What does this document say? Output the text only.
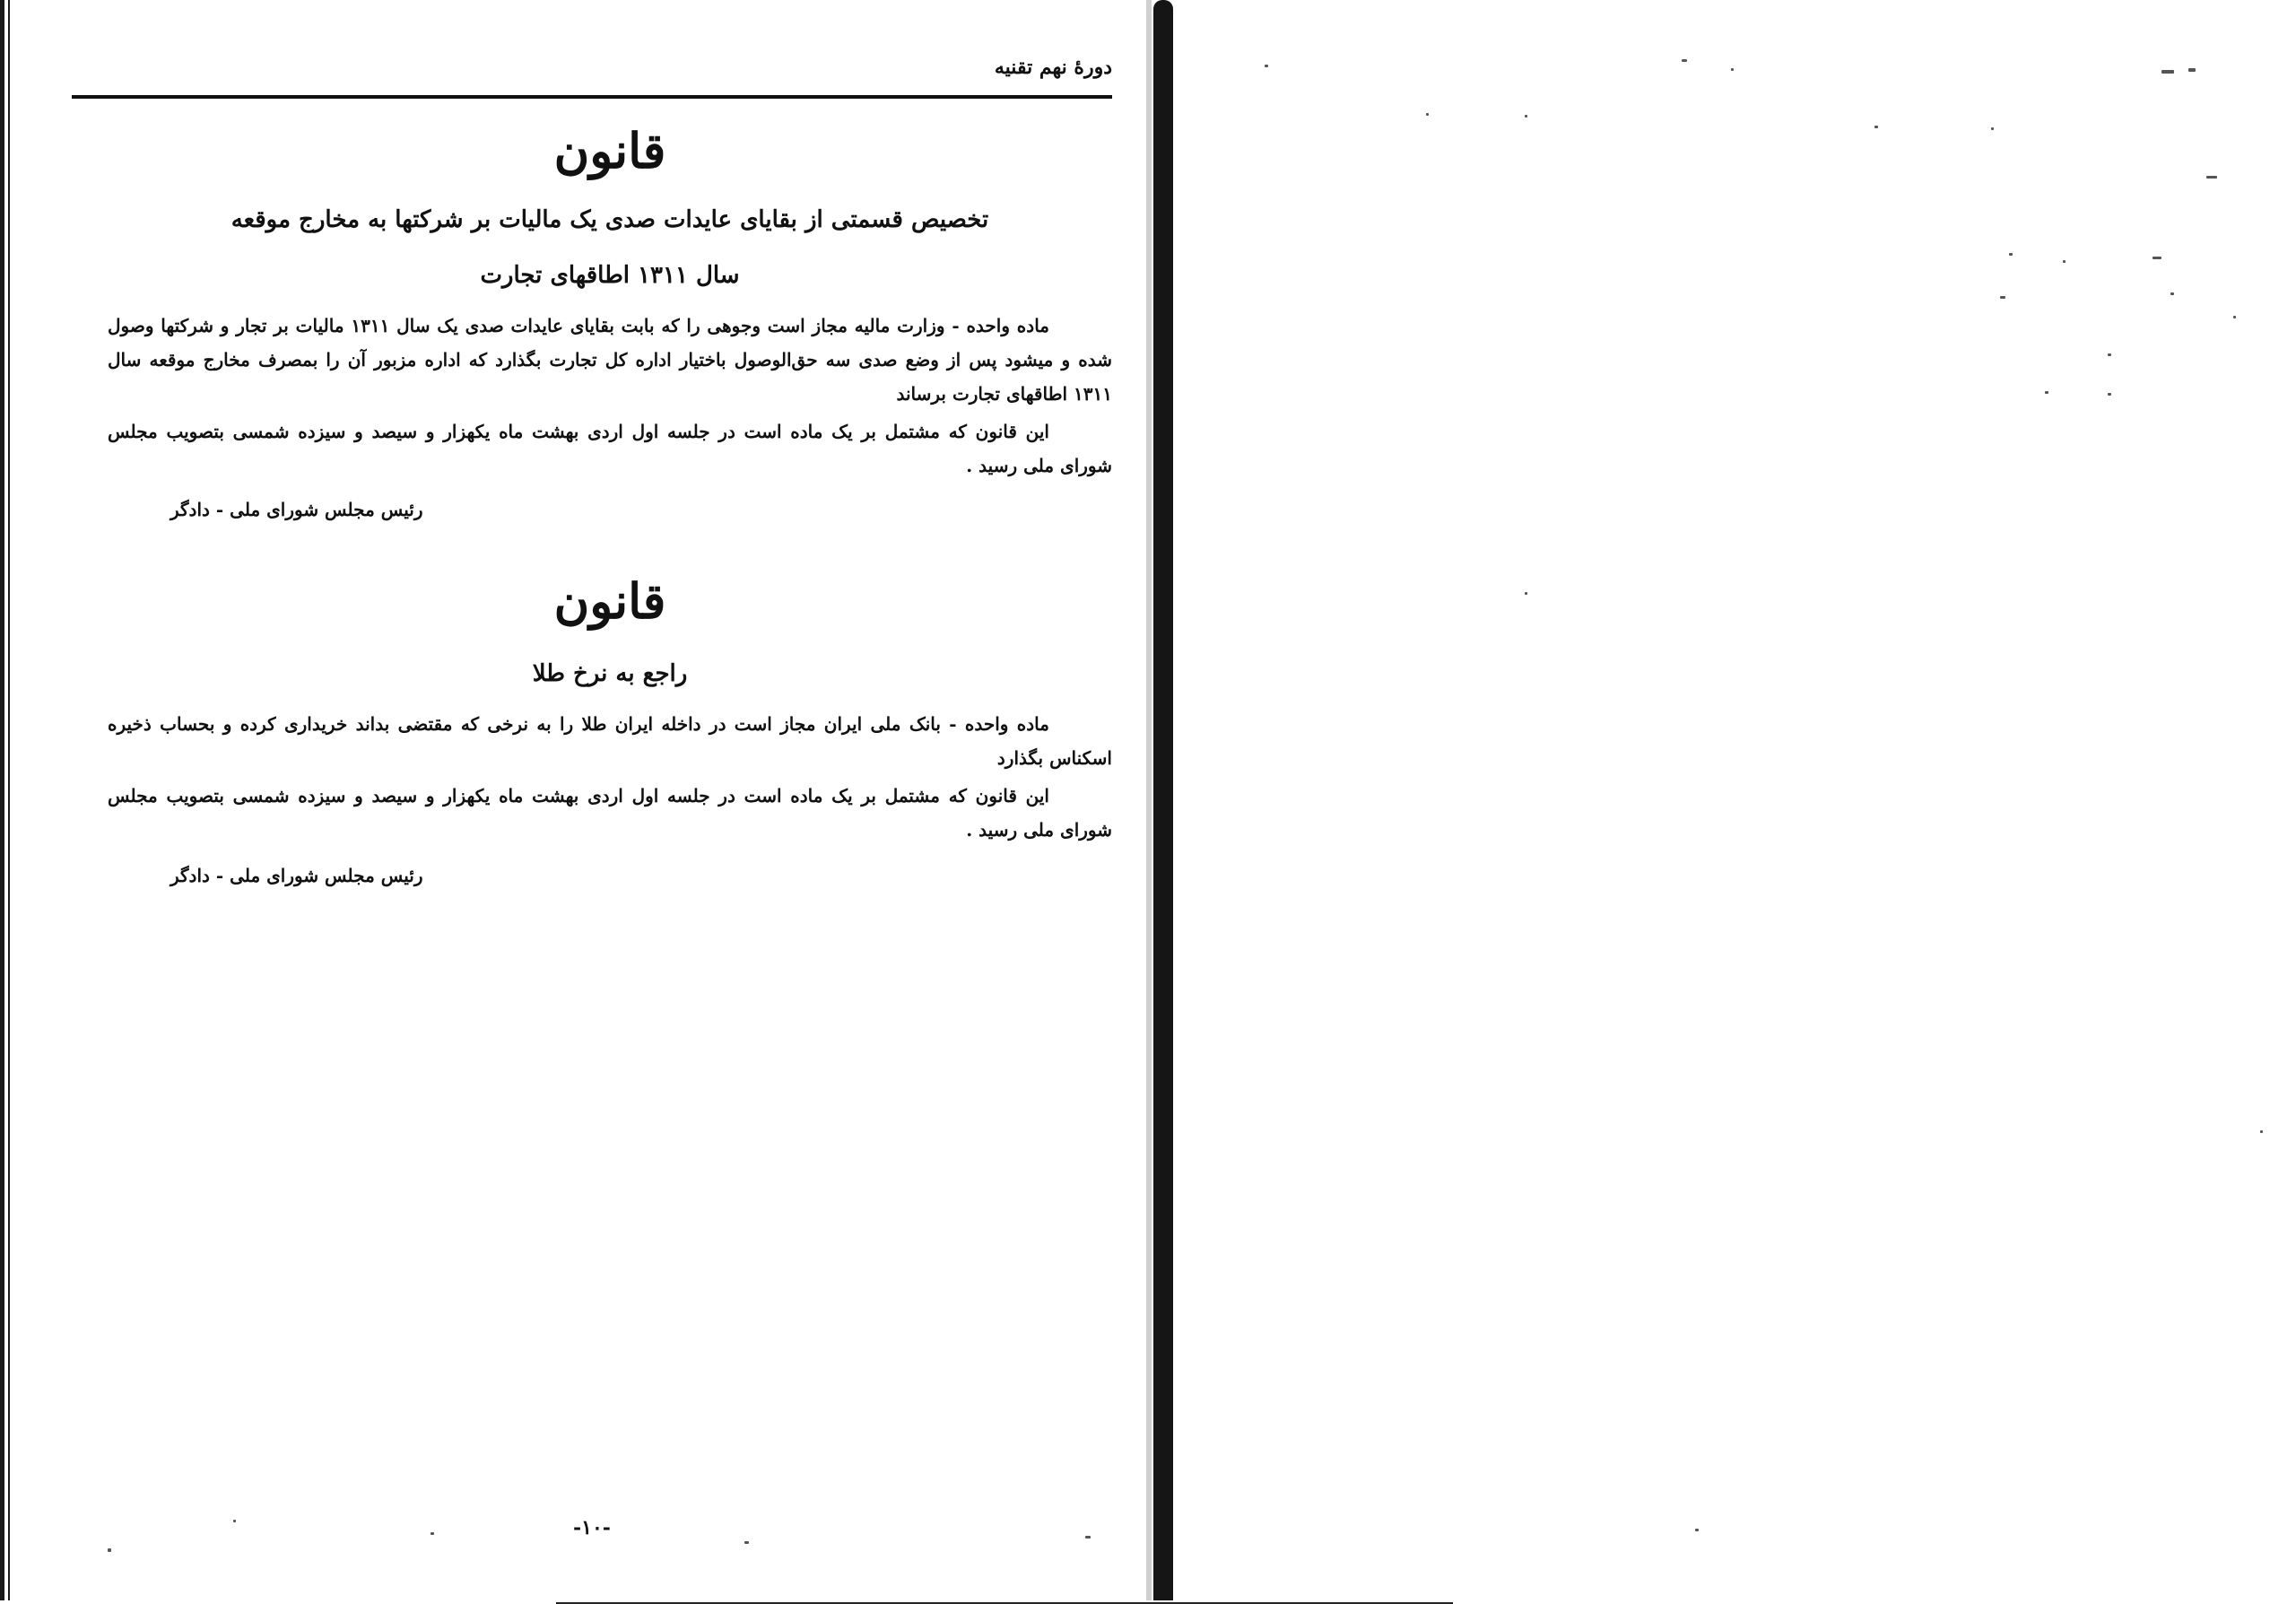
دورهٔ نهم تقنیه

قانون

تخصیص قسمتی از بقایای عایدات صدی یک مالیات بر شرکتها به مخارج موقعه

سال ۱۳۱۱ اطاقهای تجارت

ماده واحده - وزارت مالیه مجاز است وجوهی را که بابت بقایای عایدات صدی یک سال ۱۳۱۱ مالیات بر تجار و شرکتها وصول شده و میشود پس از وضع صدی سه حق‌الوصول باختیار اداره کل تجارت بگذارد که اداره مزبور آن را بمصرف مخارج موقعه سال ۱۳۱۱ اطاقهای تجارت برساند

این قانون که مشتمل بر یک ماده است در جلسه اول اردی بهشت ماه یکهزار و سیصد و سیزده شمسی بتصویب مجلس شورای ملی رسید .

رئیس مجلس شورای ملی - دادگر

قانون

راجع به نرخ طلا

ماده واحده - بانک ملی ایران مجاز است در داخله ایران طلا را به نرخی که مقتضی بداند خریداری کرده و بحساب ذخیره اسکناس بگذارد

این قانون که مشتمل بر یک ماده است در جلسه اول اردی بهشت ماه یکهزار و سیصد و سیزده شمسی بتصویب مجلس شورای ملی رسید .

رئیس مجلس شورای ملی - دادگر

-۱۰-
